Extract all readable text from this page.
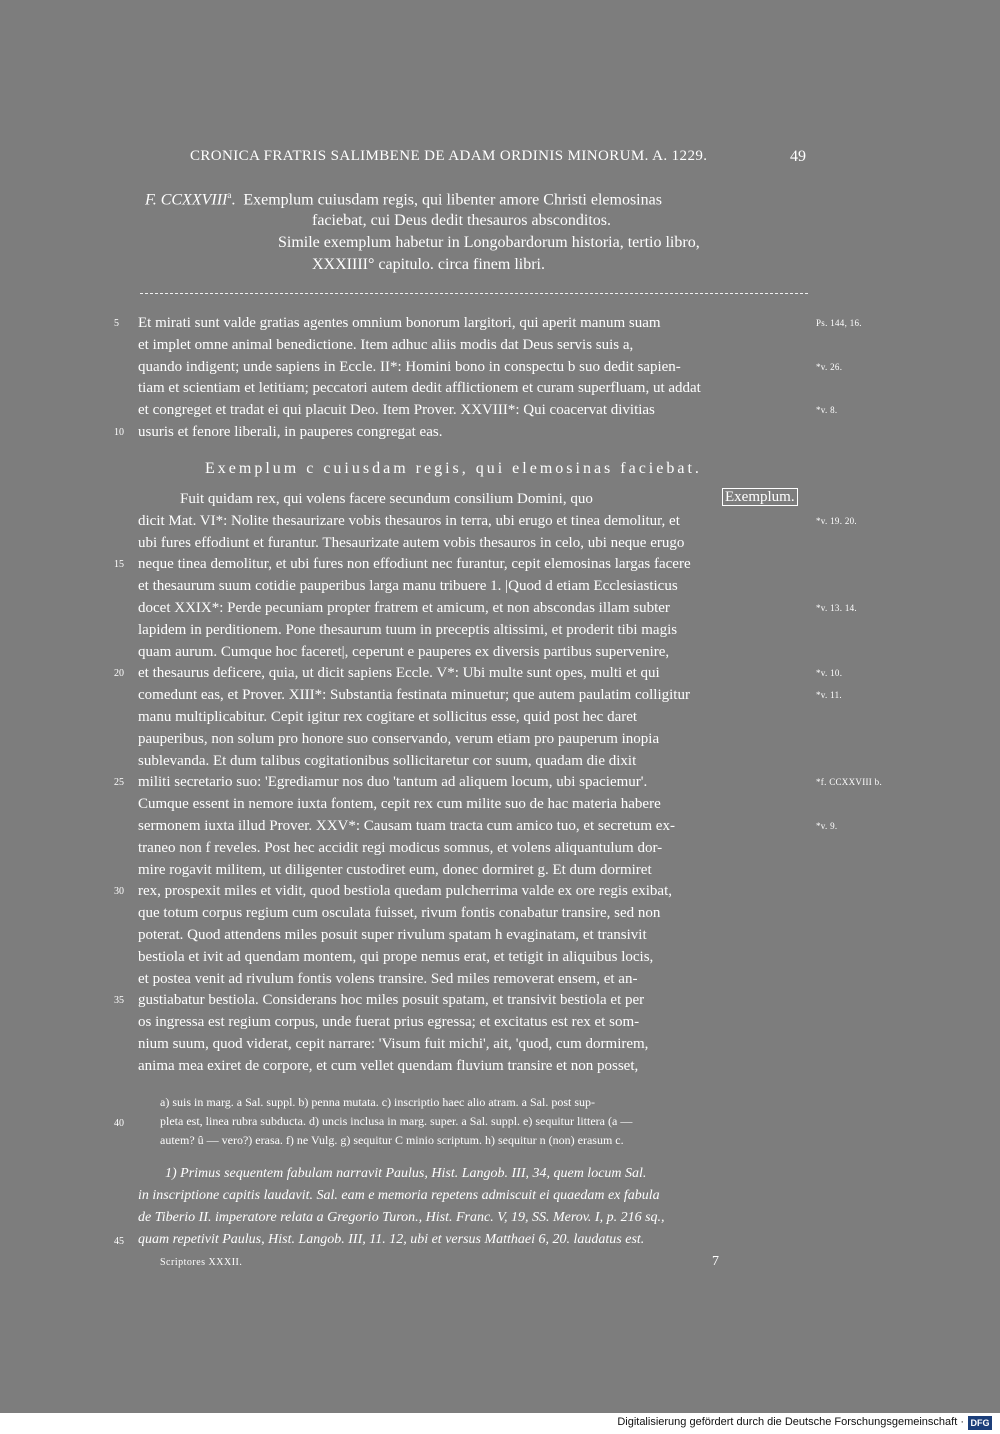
CRONICA FRATRIS SALIMBENE DE ADAM ORDINIS MINORUM. A. 1229.	49
F. CCXXVIII$^a$.  Exemplum cuiusdam regis, qui libenter amore Christi elemosinas
faciebat, cui Deus dedit thesauros absconditos.
Simile exemplum habetur in Longobardorum historia, tertio libro,
XXXIIII° capitulo. circa finem libri.
5	Et mirati sunt valde gratias agentes omnium bonorum largitori, qui aperit manum suam	Ps. 144, 16.
et implet omne animal benedictione. Item adhuc aliis modis dat Deus servis suis a,
quando indigent; unde sapiens in Eccle. II*: Homini bono in conspectu b suo dedit sapien-	*v. 26.
tiam et scientiam et letitiam; peccatori autem dedit afflictionem et curam superfluam, ut addat
et congreget et tradat ei qui placuit Deo. Item Prover. XXVIII*: Qui coacervat divitias	*v. 8.
10 usuris et fenore liberali, in pauperes congregat eas.
Exemplum c cuiusdam regis, qui elemosinas faciebat.
Fuit quidam rex, qui volens facere secundum consilium Domini, quo
dicit Mat. VI*: Nolite thesaurizare vobis thesauros in terra, ubi erugo et tinea demolitur, et	*v. 19. 20.
ubi fures effodiunt et furantur. Thesaurizate autem vobis thesauros in celo, ubi neque erugo
15 neque tinea demolitur, et ubi fures non effodiunt nec furantur, cepit elemosinas largas facere
et thesaurum suum cotidie pauperibus larga manu tribuere 1. |Quod d etiam Ecclesiasticus
docet XXIX*: Perde pecuniam propter fratrem et amicum, et non abscondas illam subter	*v. 13. 14.
lapidem in perditionem. Pone thesaurum tuum in preceptis altissimi, et proderit tibi magis
quam aurum. Cumque hoc faceret|, ceperunt e pauperes ex diversis partibus supervenire,
20 et thesaurus deficere, quia, ut dicit sapiens Eccle. V*: Ubi multe sunt opes, multi et qui	*v. 10.
comedunt eas, et Prover. XIII*: Substantia festinata minuetur; que autem paulatim colligitur	*v. 11.
manu multiplicabitur. Cepit igitur rex cogitare et sollicitus esse, quid post hec daret
pauperibus, non solum pro honore suo conservando, verum etiam pro pauperum inopia
sublevanda. Et dum talibus cogitationibus sollicitaretur cor suum, quadam die dixit
25 militi secretario suo: 'Egrediamur nos duo 'tantum ad aliquem locum, ubi spaciemur'.	*f. CCXXVIII b.
Cumque essent in nemore iuxta fontem, cepit rex cum milite suo de hac materia habere
sermonem iuxta illud Prover. XXV*: Causam tuam tracta cum amico tuo, et secretum ex-	*v. 9.
traneo non f reveles. Post hec accidit regi modicus somnus, et volens aliquantulum dor-
mire rogavit militem, ut diligenter custodiret eum, donec dormiret g. Et dum dormiret
30 rex, prospexit miles et vidit, quod bestiola quedam pulcherrima valde ex ore regis exibat,
que totum corpus regium cum osculata fuisset, rivum fontis conabatur transire, sed non
poterat. Quod attendens miles posuit super rivulum spatam h evaginatam, et transivit
bestiola et ivit ad quendam montem, qui prope nemus erat, et tetigit in aliquibus locis,
et postea venit ad rivulum fontis volens transire. Sed miles removerat ensem, et an-
35 gustiabatur bestiola. Considerans hoc miles posuit spatam, et transivit bestiola et per
os ingressa est regium corpus, unde fuerat prius egressa; et excitatus est rex et som-
nium suum, quod viderat, cepit narrare: 'Visum fuit michi', ait, 'quod, cum dormirem,
anima mea exiret de corpore, et cum vellet quendam fluvium transire et non posset,
Exemplum.
a) suis in marg. a Sal. suppl. b) penna mutata. c) inscriptio haec alio atram. a Sal. post sup-
40	pleta est, linea rubra subducta. d) uncis inclusa in marg. super. a Sal. suppl. e) sequitur littera (a —
autem? û — vero?) erasa. f) ne Vulg. g) sequitur C minio scriptum. h) sequitur n (non) erasum c.
1) Primus sequentem fabulam narravit Paulus, Hist. Langob. III, 34, quem locum Sal.
in inscriptione capitis laudavit. Sal. eam e memoria repetens admiscuit ei quaedam ex fabula
de Tiberio II. imperatore relata a Gregorio Turon., Hist. Franc. V, 19, SS. Merov. I, p. 216 sq.,
45	quam repetivit Paulus, Hist. Langob. III, 11. 12, ubi et versus Matthaei 6, 20. laudatus est.
Scriptores XXXII.	7
Digitalisierung gefördert durch die Deutsche Forschungsgemeinschaft · DFG
